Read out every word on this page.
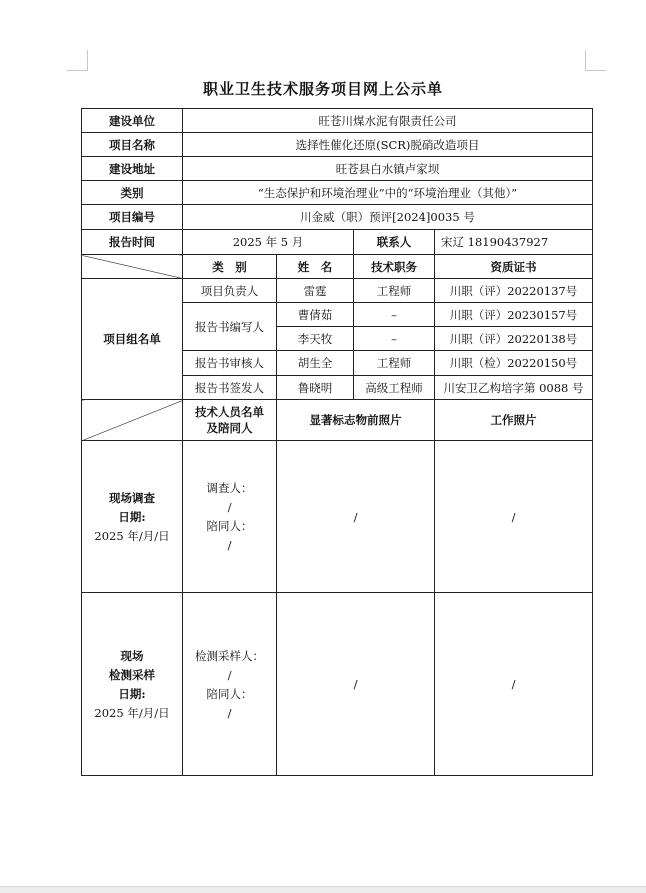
职业卫生技术服务项目网上公示单
建设单位	旺苍川煤水泥有限责任公司			
项目名称	选择性催化还原(SCR)脱硝改造项目			
建设地址	旺苍县白水镇卢家坝			
类别	“生态保护和环境治理业”中的“环境治理业（其他）”			
项目编号	川金威（职）预评[2024]0035 号			
报告时间	2025 年 5 月		联系人	宋辽 18190437927
	类　别	姓　名	技术职务	资质证书
项目组名单	项目负责人	雷霆	工程师	川职（评）20220137号
	报告书编写人	曹倩茹	–	川职（评）20230157号
		李天牧	–	川职（评）20220138号
	报告书审核人	胡生全	工程师	川职（检）20220150号
	报告书签发人	鲁晓明	高级工程师	川安卫乙构培字第 0088 号

	技术人员名单
及陪同人	显著标志物前照片		工作照片

现场调查
日期:
2025 年/月/日	调查人：
/
陪同人：
/	/		/

现场
检测采样
日期:
2025 年/月/日	检测采样人：
/
陪同人：
/	/		/
